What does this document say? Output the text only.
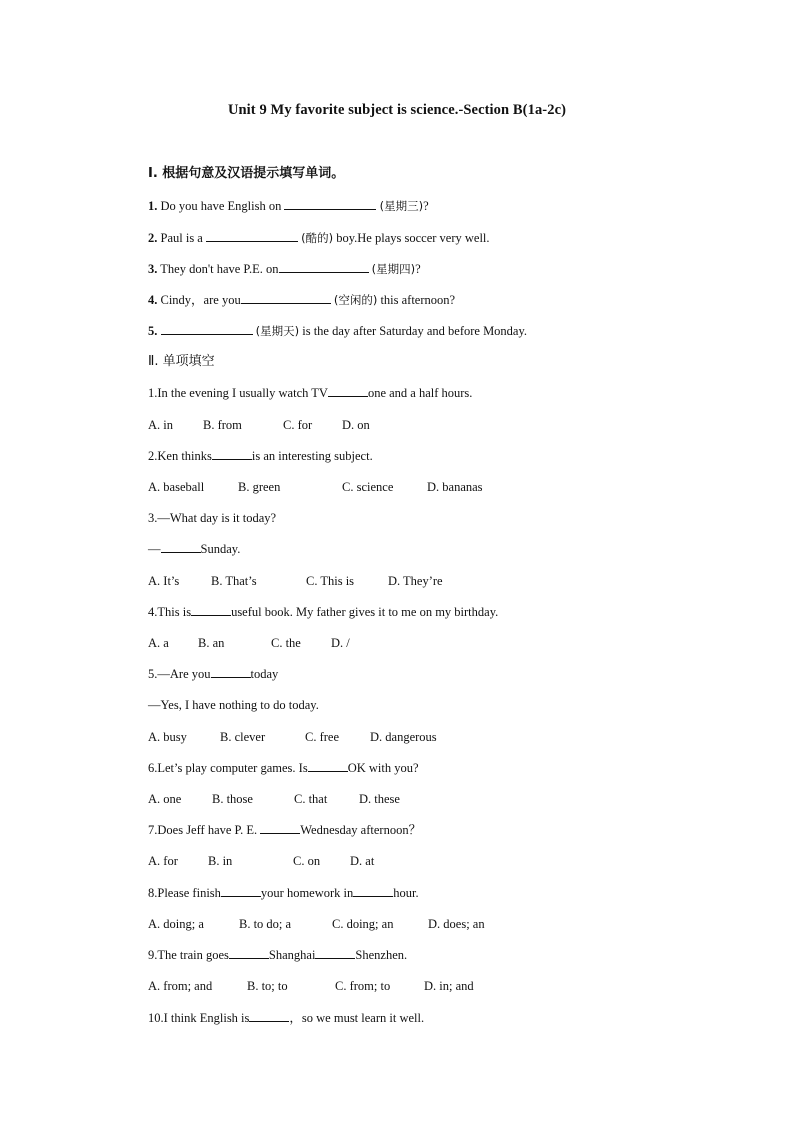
Unit 9 My favorite subject is science.-Section B(1a-2c)
Ⅰ. 根据句意及汉语提示填写单词。
1. Do you have English on	(星期三)?
2. Paul is a	(酷的) boy.He plays soccer very well.
3. They don't have P.E. on	(星期四)?
4. Cindy，are you	(空闲的) this afternoon?
5.	(星期天) is the day after Saturday and before Monday.
Ⅱ. 单项填空
1.In the evening I usually watch TV	one and a half hours.
A. in B. from	C. for D. on
2.Ken thinks	is an interesting subject.
A. baseball	B. green	C. science	D. bananas
3.—What day is it today?
—	Sunday.
A. It’s	B. That’s	C. This is	D. They’re
4.This is	useful book. My father gives it to me on my birthday.
A. a B. an	C. the D. /
5.—Are you	today
—Yes, I have nothing to do today.
A. busy	B. clever	C. free D. dangerous
6.Let’s play computer games. Is	OK with you?
A. one B. those	C. that	D. these
7.Does Jeff have P. E.	Wednesday afternoon？
A. for B. in	C. on D. at
8.Please finish	your homework in	hour.
A. doing; a	B. to do; a	C. doing; an	D. does; an
9.The train goes	Shanghai	Shenzhen.
A. from; and	B. to; to	C. from; to	D. in; and
10.I think English is	，so we must learn it well.
